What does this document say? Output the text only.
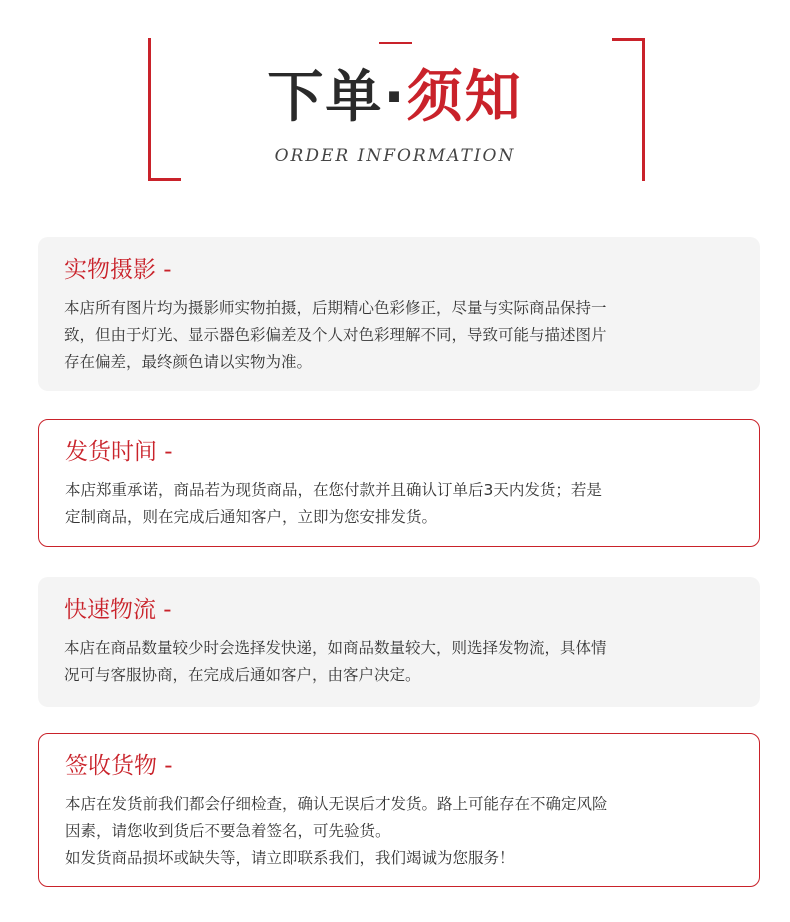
下单·须知
ORDER INFORMATION
实物摄影 -

本店所有图片均为摄影师实物拍摄，后期精心色彩修正，尽量与实际商品保持一

致，但由于灯光、显示器色彩偏差及个人对色彩理解不同，导致可能与描述图片

存在偏差，最终颜色请以实物为准。

发货时间 -

本店郑重承诺，商品若为现货商品，在您付款并且确认订单后3天内发货；若是

定制商品，则在完成后通知客户，立即为您安排发货。

快速物流 -

本店在商品数量较少时会选择发快递，如商品数量较大，则选择发物流，具体情

况可与客服协商，在完成后通如客户，由客户决定。

签收货物 -

本店在发货前我们都会仔细检查，确认无误后才发货。路上可能存在不确定风险

因素，请您收到货后不要急着签名，可先验货。

如发货商品损坏或缺失等，请立即联系我们，我们竭诚为您服务！
